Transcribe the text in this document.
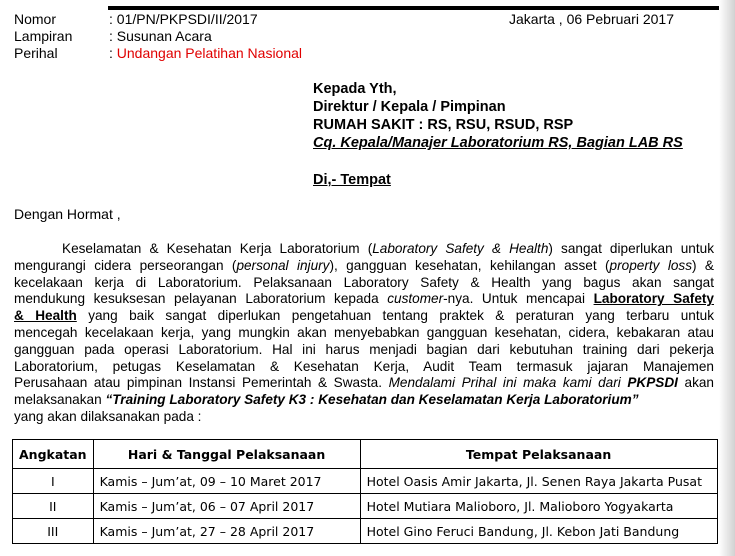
Nomor	: 01/PN/PKPSDI/II/2017
Lampiran	: Susunan Acara
Perihal	: Undangan Pelatihan Nasional
Jakarta , 06 Pebruari 2017
Kepada Yth,
Direktur / Kepala / Pimpinan
RUMAH SAKIT : RS, RSU, RSUD, RSP
Cq. Kepala/Manajer Laboratorium RS, Bagian LAB RS
Di,- Tempat
Dengan Hormat ,
Keselamatan & Kesehatan Kerja Laboratorium (Laboratory Safety & Health) sangat diperlukan untuk
mengurangi cidera perseorangan (personal injury), gangguan kesehatan, kehilangan asset (property loss) &
kecelakaan kerja di Laboratorium. Pelaksanaan Laboratory Safety & Health yang bagus akan sangat
mendukung kesuksesan pelayanan Laboratorium kepada customer-nya. Untuk mencapai Laboratory Safety
& Health yang baik sangat diperlukan pengetahuan tentang praktek & peraturan yang terbaru untuk
mencegah kecelakaan kerja, yang mungkin akan menyebabkan gangguan kesehatan, cidera, kebakaran atau
gangguan pada operasi Laboratorium. Hal ini harus menjadi bagian dari kebutuhan training dari pekerja
Laboratorium, petugas Keselamatan & Kesehatan Kerja, Audit Team termasuk jajaran Manajemen
Perusahaan atau pimpinan Instansi Pemerintah & Swasta. Mendalami Prihal ini maka kami dari PKPSDI akan
melaksanakan “Training Laboratory Safety K3 : Kesehatan dan Keselamatan Kerja Laboratorium”
yang akan dilaksanakan pada :
Angkatan	Hari & Tanggal Pelaksanaan	Tempat Pelaksanaan
I	Kamis – Jum’at, 09 – 10 Maret 2017	Hotel Oasis Amir Jakarta, Jl. Senen Raya Jakarta Pusat
II	Kamis – Jum’at, 06 – 07 April 2017	Hotel Mutiara Malioboro, Jl. Malioboro Yogyakarta
III	Kamis – Jum’at, 27 – 28 April 2017	Hotel Gino Feruci Bandung, Jl. Kebon Jati Bandung
